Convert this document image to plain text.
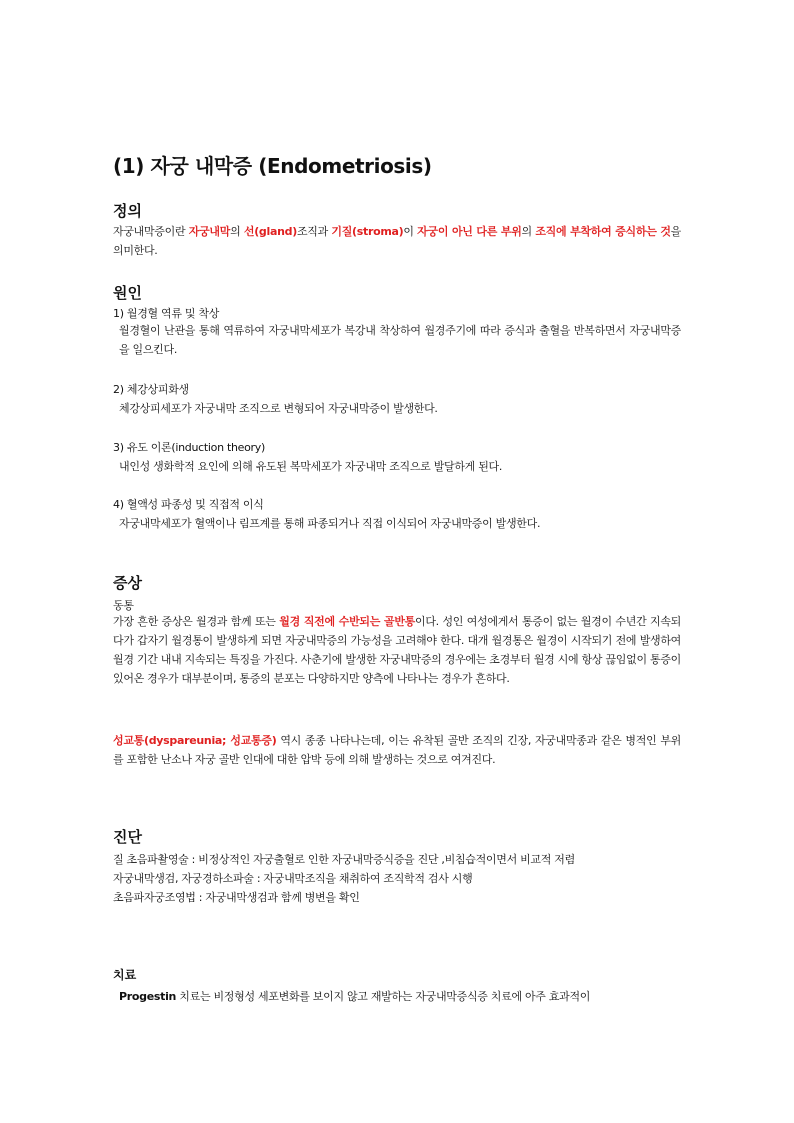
(1) 자궁 내막증 (Endometriosis)
정의
자궁내막증이란 자궁내막의 선(gland)조직과 기질(stroma)이 자궁이 아닌 다른 부위의 조직에 부착하여 증식하는 것을 의미한다.
원인
1) 월경혈 역류 및 착상
월경혈이 난관을 통해 역류하여 자궁내막세포가 복강내 착상하여 월경주기에 따라 증식과 출혈을 반복하면서 자궁내막증을 일으킨다.
2) 체강상피화생
체강상피세포가 자궁내막 조직으로 변형되어 자궁내막증이 발생한다.
3) 유도 이론(induction theory)
내인성 생화학적 요인에 의해 유도된 복막세포가 자궁내막 조직으로 발달하게 된다.
4) 혈액성 파종성 및 직접적 이식
자궁내막세포가 혈액이나 림프계를 통해 파종되거나 직접 이식되어 자궁내막증이 발생한다.
증상
동통
가장 흔한 증상은 월경과 함께 또는 월경 직전에 수반되는 골반통이다. 성인 여성에게서 통증이 없는 월경이 수년간 지속되다가 갑자기 월경통이 발생하게 되면 자궁내막증의 가능성을 고려해야 한다. 대개 월경통은 월경이 시작되기 전에 발생하여 월경 기간 내내 지속되는 특징을 가진다. 사춘기에 발생한 자궁내막증의 경우에는 초경부터 월경 시에 항상 끊임없이 통증이 있어온 경우가 대부분이며, 통증의 분포는 다양하지만 양측에 나타나는 경우가 흔하다.
성교통(dyspareunia; 성교통증) 역시 종종 나타나는데, 이는 유착된 골반 조직의 긴장, 자궁내막종과 같은 병적인 부위를 포함한 난소나 자궁 골반 인대에 대한 압박 등에 의해 발생하는 것으로 여겨진다.
진단
질 초음파촬영술 : 비정상적인 자궁출혈로 인한 자궁내막증식증을 진단 ,비침습적이면서 비교적 저렴
자궁내막생검, 자궁경하소파술 : 자궁내막조직을 채취하여 조직학적 검사 시행
초음파자궁조영법 : 자궁내막생검과 함께 병변을 확인
치료
Progestin 치료는 비정형성 세포변화를 보이지 않고 재발하는 자궁내막증식증 치료에 아주 효과적이
